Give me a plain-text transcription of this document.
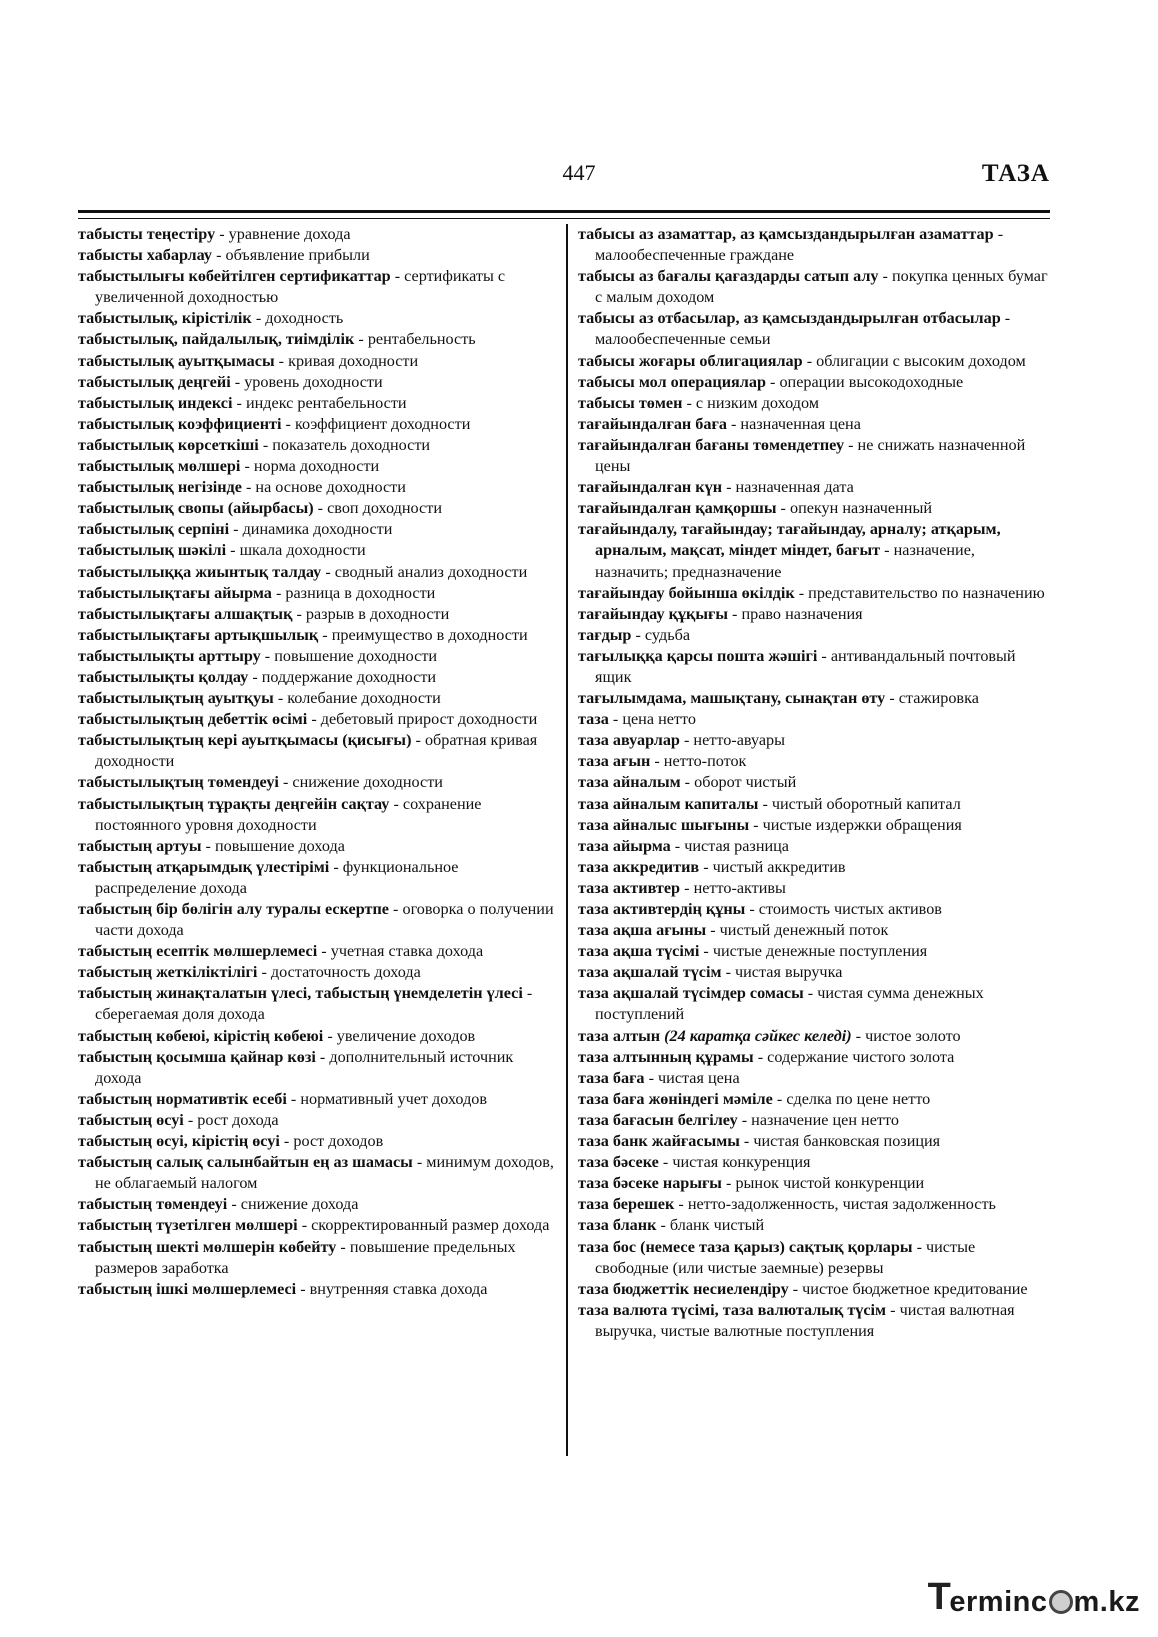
447	ТАЗА

табысты теңестіру - уравнение дохода

табысты хабарлау - объявление прибыли

табыстылығы көбейтілген сертификаттар - сертификаты с увеличенной доходностью

табыстылық, кірістілік - доходность

табыстылық, пайдалылық, тиімділік - рентабельность

табыстылық ауытқымасы - кривая доходности

табыстылық деңгейі - уровень доходности

табыстылық индексі - индекс рентабельности

табыстылық коэффициенті - коэффициент доходности

табыстылық көрсеткіші - показатель доходности

табыстылық мөлшері - норма доходности

табыстылық негізінде - на основе доходности

табыстылық свопы (айырбасы) - своп доходности

табыстылық серпіні - динамика доходности

табыстылық шәкілі - шкала доходности

табыстылыққа жиынтық талдау - сводный анализ доходности

табыстылықтағы айырма - разница в доходности

табыстылықтағы алшақтық - разрыв в доходности

табыстылықтағы артықшылық - преимущество в доходности

табыстылықты арттыру - повышение доходности

табыстылықты қолдау - поддержание доходности

табыстылықтың ауытқуы - колебание доходности

табыстылықтың дебеттік өсімі - дебетовый прирост доходности

табыстылықтың кері ауытқымасы (қисығы) - обратная кривая доходности

табыстылықтың төмендеуі - снижение доходности

табыстылықтың тұрақты деңгейін сақтау - сохранение постоянного уровня доходности

табыстың артуы - повышение дохода

табыстың атқарымдық үлестірімі - функциональное распределение дохода

табыстың бір бөлігін алу туралы ескертпе - оговорка о получении части дохода

табыстың есептік мөлшерлемесі - учетная ставка дохода

табыстың жеткіліктілігі - достаточность дохода

табыстың жинақталатын үлесі, табыстың үнемделетін үлесі - сберегаемая доля дохода

табыстың көбеюі, кірістің көбеюі - увеличение доходов

табыстың қосымша қайнар көзі - дополнительный источник дохода

табыстың нормативтік есебі - нормативный учет доходов

табыстың өсуі - рост дохода

табыстың өсуі, кірістің өсуі - рост доходов

табыстың салық салынбайтын ең аз шамасы - минимум доходов, не облагаемый налогом

табыстың төмендеуі - снижение дохода

табыстың түзетілген мөлшері - скорректированный размер дохода

табыстың шекті мөлшерін көбейту - повышение предельных размеров заработка

табыстың ішкі мөлшерлемесі - внутренняя ставка дохода

табысы аз азаматтар, аз қамсыздандырылған азаматтар - малообеспеченные граждане

табысы аз бағалы қағаздарды сатып алу - покупка ценных бумаг с малым доходом

табысы аз отбасылар, аз қамсыздандырылған отбасылар - малообеспеченные семьи

табысы жоғары облигациялар - облигации с высоким доходом

табысы мол операциялар - операции высокодоходные

табысы төмен - с низким доходом

тағайындалған баға - назначенная цена

тағайындалған бағаны төмендетпеу - не снижать назначенной цены

тағайындалған күн - назначенная дата

тағайындалған қамқоршы - опекун назначенный

тағайындалу, тағайындау; тағайындау, арналу; атқарым, арналым, мақсат, міндет міндет, бағыт - назначение, назначить; предназначение

тағайындау бойынша өкілдік - представительство по назначению

тағайындау құқығы - право назначения

тағдыр - судьба

тағылыққа қарсы пошта жәшігі - антивандальный почтовый ящик

тағылымдама, машықтану, сынақтан өту - стажировка

таза - цена нетто

таза авуарлар - нетто-авуары

таза ағын - нетто-поток

таза айналым - оборот чистый

таза айналым капиталы - чистый оборотный капитал

таза айналыс шығыны - чистые издержки обращения

таза айырма - чистая разница

таза аккредитив - чистый аккредитив

таза активтер - нетто-активы

таза активтердің құны - стоимость чистых активов

таза ақша ағыны - чистый денежный поток

таза ақша түсімі - чистые денежные поступления

таза ақшалай түсім - чистая выручка

таза ақшалай түсімдер сомасы - чистая сумма денежных поступлений

таза алтын (24 каратқа сәйкес келеді) - чистое золото

таза алтынның құрамы - содержание чистого золота

таза баға - чистая цена

таза баға жөніндегі мәміле - сделка по цене нетто

таза бағасын белгілеу - назначение цен нетто

таза банк жайғасымы - чистая банковская позиция

таза бәсеке - чистая конкуренция

таза бәсеке нарығы - рынок чистой конкуренции

таза берешек - нетто-задолженность, чистая задолженность

таза бланк - бланк чистый

таза бос (немесе таза қарыз) сақтық қорлары - чистые свободные (или чистые заемные) резервы

таза бюджеттік несиелендіру - чистое бюджетное кредитование

таза валюта түсімі, таза валюталық түсім - чистая валютная выручка, чистые валютные поступления

T
ermin c m.kz
